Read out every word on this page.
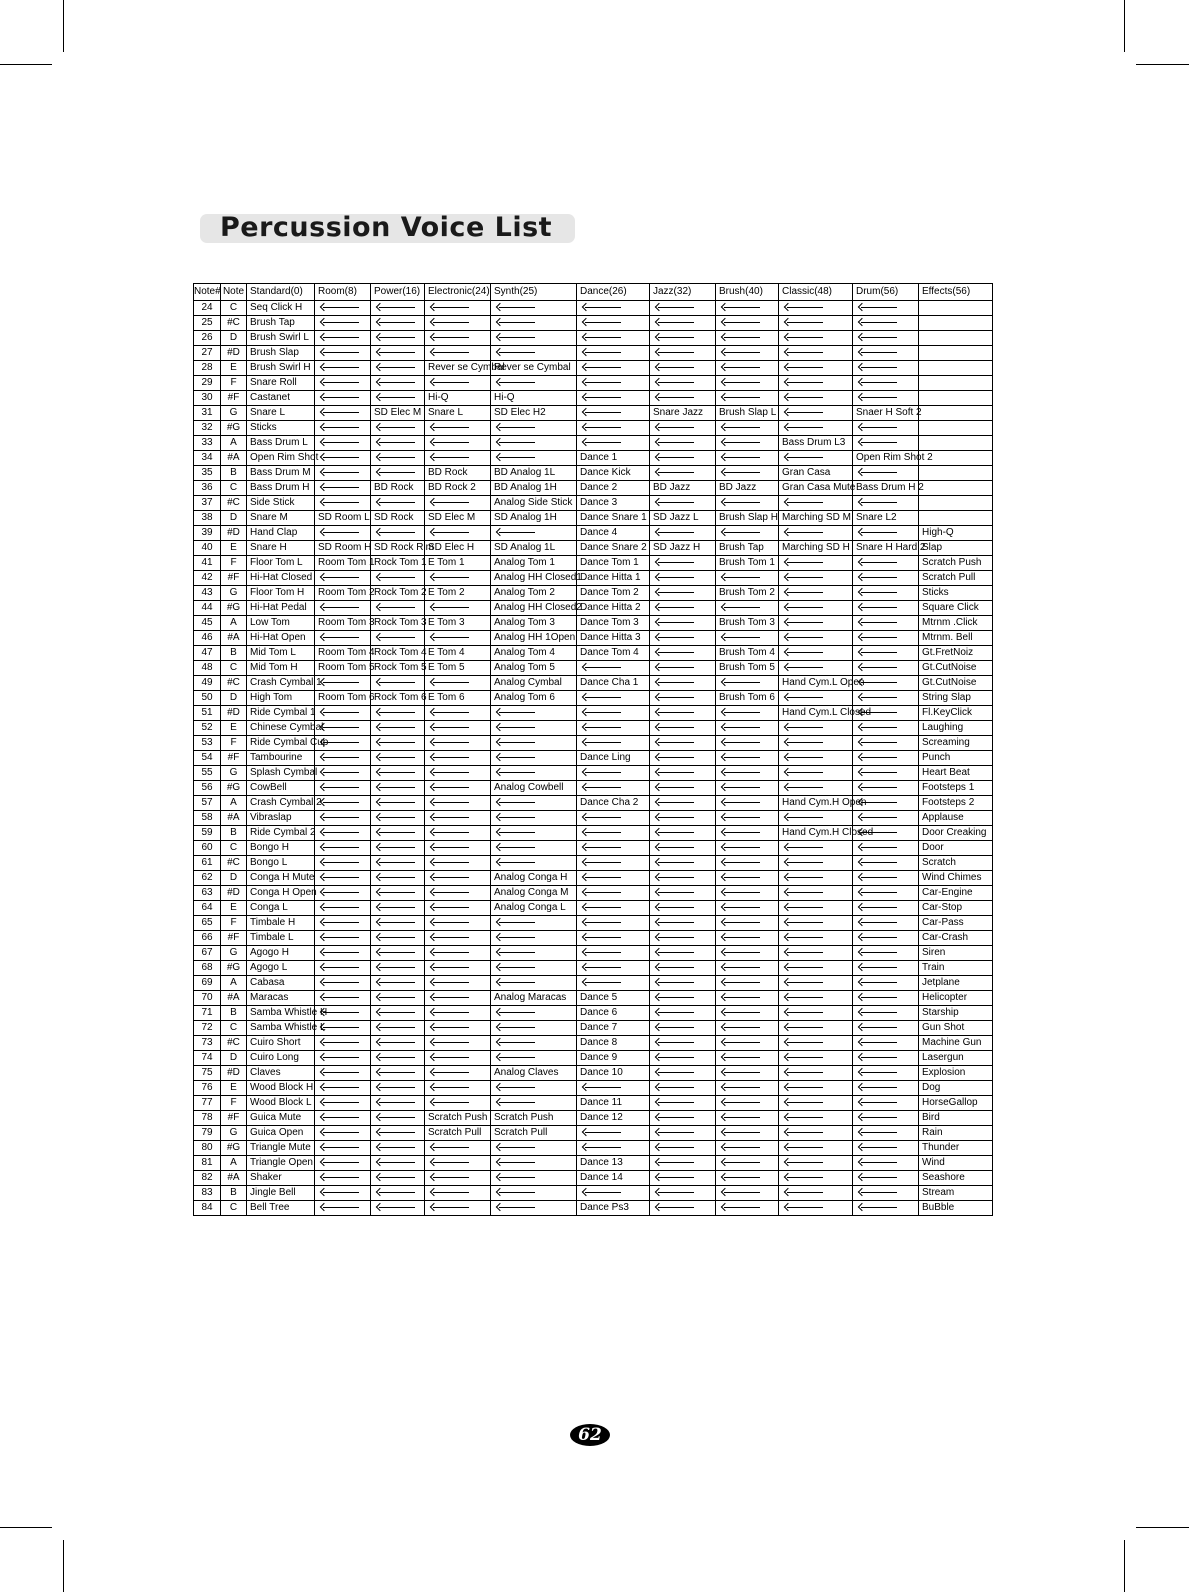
Percussion Voice List
Note#	Note	Standard(0)	Room(8)	Power(16)	Electronic(24)	Synth(25)	Dance(26)	Jazz(32)	Brush(40)	Classic(48)	Drum(56)	Effects(56)
24	C	Seq Click H										
25	#C	Brush Tap										
26	D	Brush Swirl L										
27	#D	Brush Slap										
28	E	Brush Swirl H			Rever se Cymbal	Rever se Cymbal						
29	F	Snare Roll										
30	#F	Castanet			Hi-Q	Hi-Q						
31	G	Snare L		SD Elec M	Snare L	SD Elec H2		Snare Jazz	Brush Slap L		Snaer H Soft 2	
32	#G	Sticks										
33	A	Bass Drum L								Bass Drum L3		
34	#A	Open Rim Shot					Dance 1				Open Rim Shot 2	
35	B	Bass Drum M			BD Rock	BD Analog 1L	Dance Kick			Gran Casa		
36	C	Bass Drum H		BD Rock	BD Rock 2	BD Analog 1H	Dance 2	BD Jazz	BD Jazz	Gran Casa Mute	Bass Drum H 2	
37	#C	Side Stick				Analog Side Stick	Dance 3					
38	D	Snare M	SD Room L	SD Rock	SD Elec M	SD Analog 1H	Dance Snare 1	SD Jazz L	Brush Slap H	Marching SD M	Snare L2	
39	#D	Hand Clap					Dance 4					High-Q
40	E	Snare H	SD Room H	SD Rock Rim	SD Elec H	SD Analog 1L	Dance Snare 2	SD Jazz H	Brush Tap	Marching SD H	Snare H Hard 2	Slap
41	F	Floor Tom L	Room Tom 1	Rock Tom 1	E Tom 1	Analog Tom 1	Dance Tom 1		Brush Tom 1			Scratch Push
42	#F	Hi-Hat Closed				Analog HH Closed1	Dance Hitta 1					Scratch Pull
43	G	Floor Tom H	Room Tom 2	Rock Tom 2	E Tom 2	Analog Tom 2	Dance Tom 2		Brush Tom 2			Sticks
44	#G	Hi-Hat Pedal				Analog HH Closed2	Dance Hitta 2					Square Click
45	A	Low Tom	Room Tom 3	Rock Tom 3	E Tom 3	Analog Tom 3	Dance Tom 3		Brush Tom 3			Mtrnm .Click
46	#A	Hi-Hat Open				Analog HH 1Open	Dance Hitta 3					Mtrnm. Bell
47	B	Mid Tom L	Room Tom 4	Rock Tom 4	E Tom 4	Analog Tom 4	Dance Tom 4		Brush Tom 4			Gt.FretNoiz
48	C	Mid Tom H	Room Tom 5	Rock Tom 5	E Tom 5	Analog Tom 5			Brush Tom 5			Gt.CutNoise
49	#C	Crash Cymbal 1				Analog Cymbal	Dance Cha 1			Hand Cym.L Open		Gt.CutNoise
50	D	High Tom	Room Tom 6	Rock Tom 6	E Tom 6	Analog Tom 6			Brush Tom 6			String Slap
51	#D	Ride Cymbal 1								Hand Cym.L Closed		Fl.KeyClick
52	E	Chinese Cymbal										Laughing
53	F	Ride Cymbal Cup										Screaming
54	#F	Tambourine					Dance Ling					Punch
55	G	Splash Cymbal										Heart Beat
56	#G	CowBell				Analog Cowbell						Footsteps 1
57	A	Crash Cymbal 2					Dance Cha 2			Hand Cym.H Open		Footsteps 2
58	#A	Vibraslap										Applause
59	B	Ride Cymbal 2								Hand Cym.H Closed		Door Creaking
60	C	Bongo H										Door
61	#C	Bongo L										Scratch
62	D	Conga H Mute				Analog Conga H						Wind Chimes
63	#D	Conga H Open				Analog Conga M						Car-Engine
64	E	Conga L				Analog Conga L						Car-Stop
65	F	Timbale H										Car-Pass
66	#F	Timbale L										Car-Crash
67	G	Agogo H										Siren
68	#G	Agogo L										Train
69	A	Cabasa										Jetplane
70	#A	Maracas				Analog Maracas	Dance 5					Helicopter
71	B	Samba Whistle H					Dance 6					Starship
72	C	Samba Whistle L					Dance 7					Gun Shot
73	#C	Cuiro Short					Dance 8					Machine Gun
74	D	Cuiro Long					Dance 9					Lasergun
75	#D	Claves				Analog Claves	Dance 10					Explosion
76	E	Wood Block H										Dog
77	F	Wood Block L					Dance 11					HorseGallop
78	#F	Guica Mute			Scratch Push	Scratch Push	Dance 12					Bird
79	G	Guica Open			Scratch Pull	Scratch Pull						Rain
80	#G	Triangle Mute										Thunder
81	A	Triangle Open					Dance 13					Wind
82	#A	Shaker					Dance 14					Seashore
83	B	Jingle Bell										Stream
84	C	Bell Tree					Dance Ps3					BuBble
62
